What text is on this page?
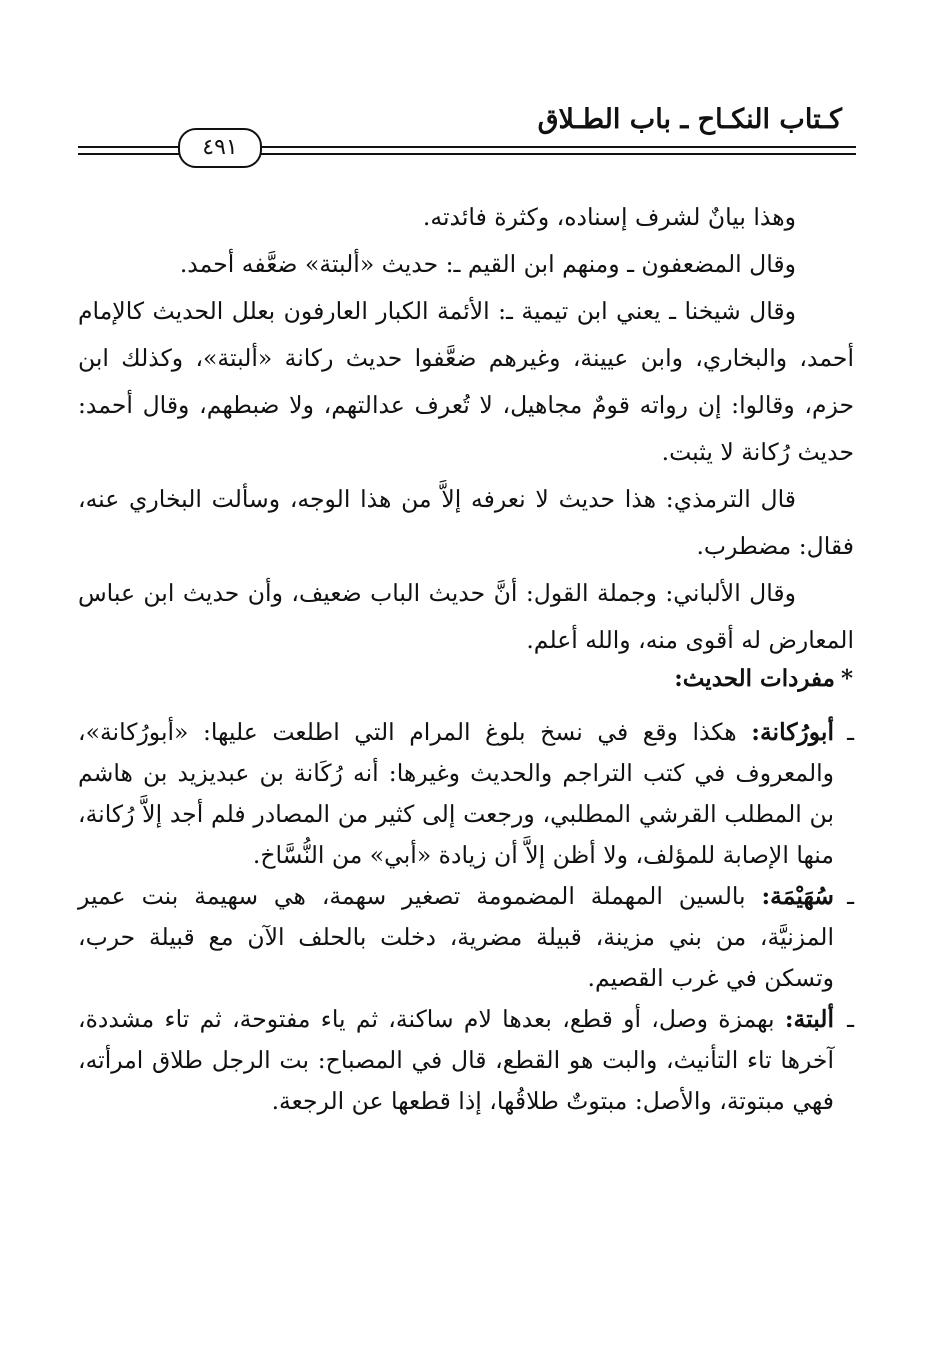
كـتاب النكـاح ـ باب الطـلاق
٤٩١

وهذا بيانٌ لشرف إسناده، وكثرة فائدته.

وقال المضعفون ـ ومنهم ابن القيم ـ: حديث «ألبتة» ضعَّفه أحمد.

وقال شيخنا ـ يعني ابن تيمية ـ: الأئمة الكبار العارفون بعلل الحديث كالإمام أحمد، والبخاري، وابن عيينة، وغيرهم ضعَّفوا حديث ركانة «ألبتة»، وكذلك ابن حزم، وقالوا: إن رواته قومٌ مجاهيل، لا تُعرف عدالتهم، ولا ضبطهم، وقال أحمد: حديث رُكانة لا يثبت.

قال الترمذي: هذا حديث لا نعرفه إلاَّ من هذا الوجه، وسألت البخاري عنه، فقال: مضطرب.

وقال الألباني: وجملة القول: أنَّ حديث الباب ضعيف، وأن حديث ابن عباس المعارض له أقوى منه، والله أعلم.

*مفردات الحديث:

ـ
أبورُكانة: هكذا وقع في نسخ بلوغ المرام التي اطلعت عليها: «أبورُكانة»، والمعروف في كتب التراجم والحديث وغيرها: أنه رُكَانة بن عبديزيد بن هاشم بن المطلب القرشي المطلبي، ورجعت إلى كثير من المصادر فلم أجد إلاَّ رُكانة، منها الإصابة للمؤلف، ولا أظن إلاَّ أن زيادة «أبي» من النُّسَّاخ.

ـ
سُهَيْمَة: بالسين المهملة المضمومة تصغير سهمة، هي سهيمة بنت عمير المزنيَّة، من بني مزينة، قبيلة مضرية، دخلت بالحلف الآن مع قبيلة حرب، وتسكن في غرب القصيم.

ـ
ألبتة: بهمزة وصل، أو قطع، بعدها لام ساكنة، ثم ياء مفتوحة، ثم تاء مشددة، آخرها تاء التأنيث، والبت هو القطع، قال في المصباح: بت الرجل طلاق امرأته، فهي مبتوتة، والأصل: مبتوتٌ طلاقُها، إذا قطعها عن الرجعة.
